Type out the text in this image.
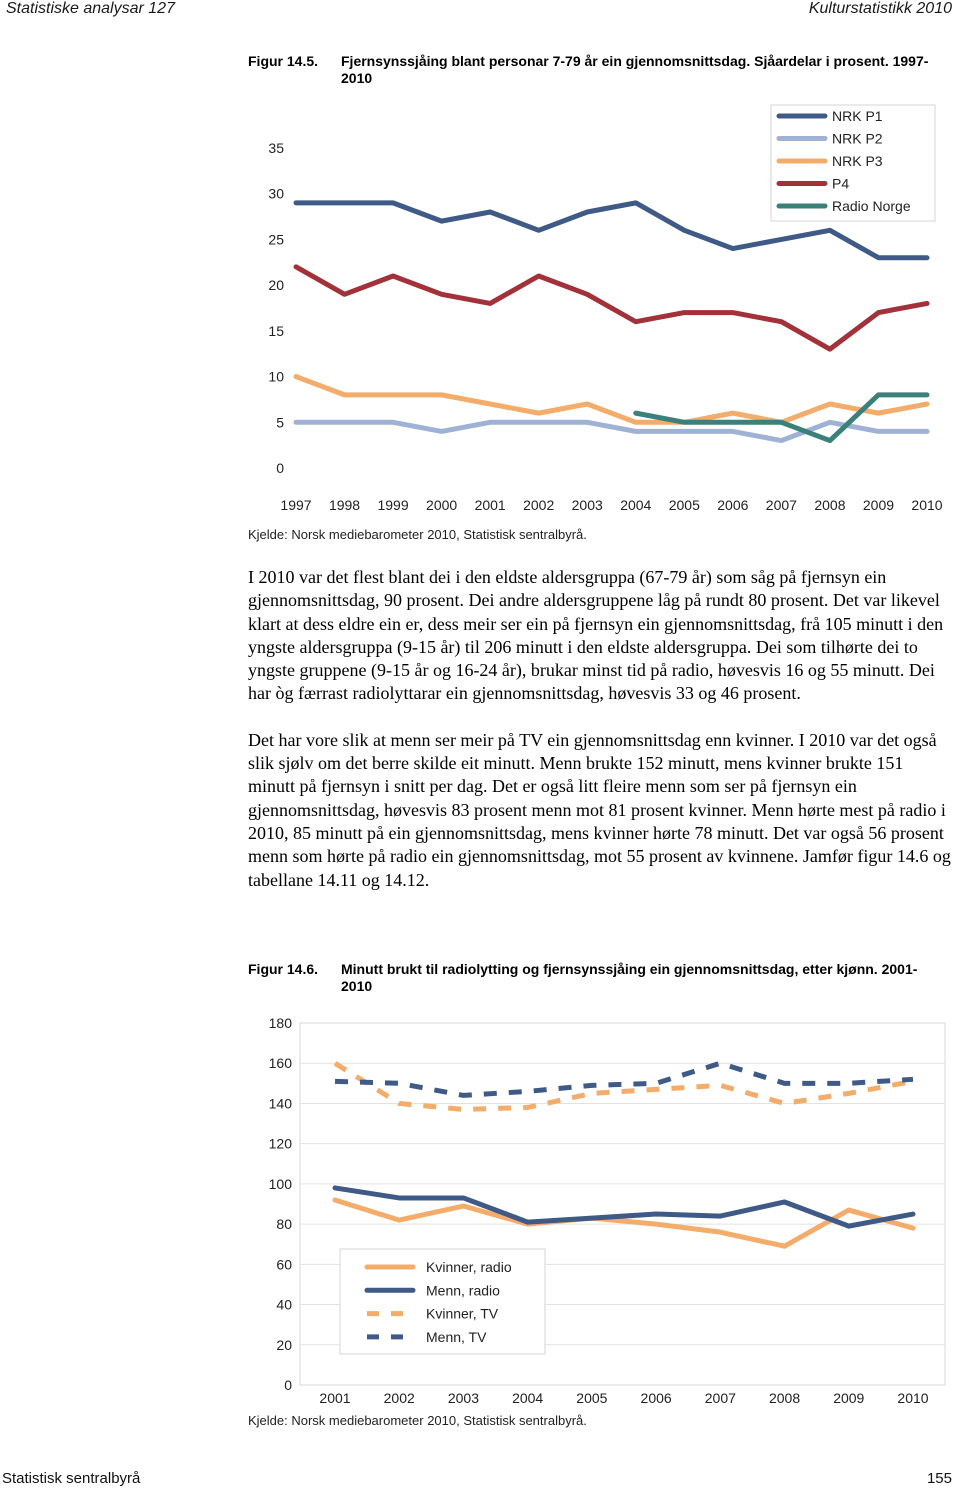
Statistiske analysar 127	Kulturstatistikk 2010
Figur 14.5. Fjernsynssjåing blant personar 7-79 år ein gjennomsnittsdag. Sjåardelar i prosent. 1997-2010
0
5
10
15
20
25
30
35
1997 1998 1999 2000 2001 2002 2003 2004 2005 2006 2007 2008 2009 2010
NRK P1
NRK P2
NRK P3
P4
Radio Norge
Kjelde: Norsk mediebarometer 2010, Statistisk sentralbyrå.

I 2010 var det flest blant dei i den eldste aldersgruppa (67-79 år) som såg på fjernsyn ein gjennomsnittsdag, 90 prosent. Dei andre aldersgruppene låg på rundt 80 prosent. Det var likevel klart at dess eldre ein er, dess meir ser ein på fjernsyn ein gjennomsnittsdag, frå 105 minutt i den yngste aldersgruppa (9-15 år) til 206 minutt i den eldste aldersgruppa. Dei som tilhørte dei to yngste gruppene (9-15 år og 16-24 år), brukar minst tid på radio, høvesvis 16 og 55 minutt. Dei har òg færrast radiolyttarar ein gjennomsnittsdag, høvesvis 33 og 46 prosent.

Det har vore slik at menn ser meir på TV ein gjennomsnittsdag enn kvinner. I 2010 var det også slik sjølv om det berre skilde eit minutt. Menn brukte 152 minutt, mens kvinner brukte 151 minutt på fjernsyn i snitt per dag. Det er også litt fleire menn som ser på fjernsyn ein gjennomsnittsdag, høvesvis 83 prosent menn mot 81 prosent kvinner. Menn hørte mest på radio i 2010, 85 minutt på ein gjennomsnittsdag, mens kvinner hørte 78 minutt. Det var også 56 prosent menn som hørte på radio ein gjennomsnittsdag, mot 55 prosent av kvinnene. Jamfør figur 14.6 og tabellane 14.11 og 14.12.

Figur 14.6. Minutt brukt til radiolytting og fjernsynssjåing ein gjennomsnittsdag, etter kjønn. 2001-2010
0
20
40
60
80
100
120
140
160
180
2001 2002 2003 2004 2005 2006 2007 2008 2009 2010
Kvinner, radio
Menn, radio
Kvinner, TV
Menn, TV
Kjelde: Norsk mediebarometer 2010, Statistisk sentralbyrå.
Statistisk sentralbyrå	155
